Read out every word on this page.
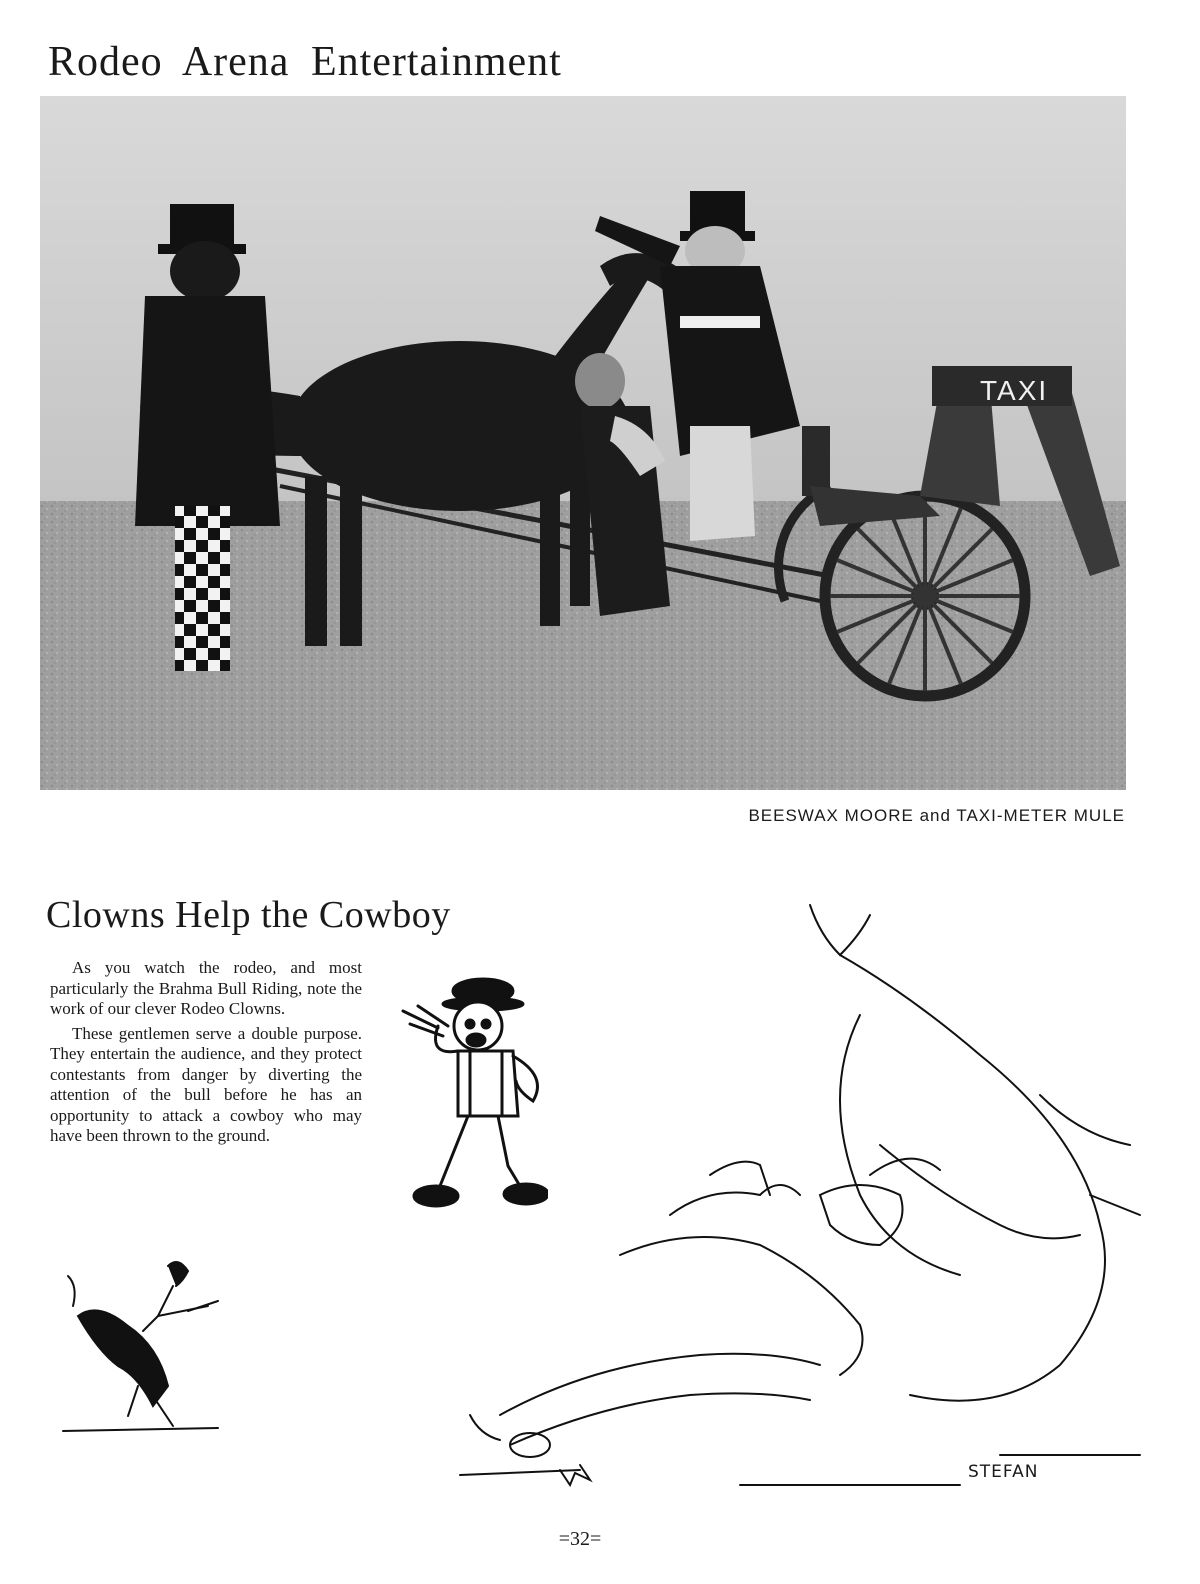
Rodeo Arena Entertainment
TAXI
BEESWAX MOORE and TAXI-METER MULE
Clowns Help the Cowboy

As you watch the rodeo, and most particularly the Brahma Bull Riding, note the work of our clever Rodeo Clowns.

These gentlemen serve a double purpose. They entertain the audience, and they protect contestants from danger by diverting the attention of the bull before he has an opportunity to attack a cowboy who may have been thrown to the ground.

STEFAN
=32=
